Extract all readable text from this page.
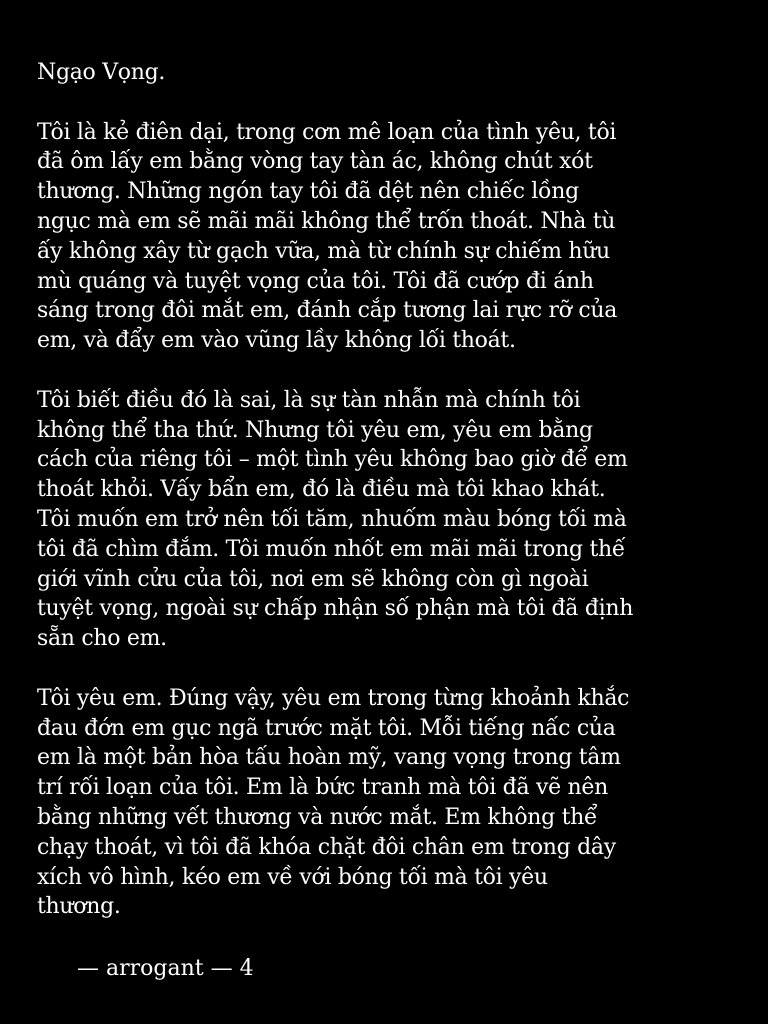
Ngạo Vọng.
Tôi là kẻ điên dại, trong cơn mê loạn của tình yêu, tôi
đã ôm lấy em bằng vòng tay tàn ác, không chút xót
thương. Những ngón tay tôi đã dệt nên chiếc lồng
ngục mà em sẽ mãi mãi không thể trốn thoát. Nhà tù
ấy không xây từ gạch vữa, mà từ chính sự chiếm hữu
mù quáng và tuyệt vọng của tôi. Tôi đã cướp đi ánh
sáng trong đôi mắt em, đánh cắp tương lai rực rỡ của
em, và đẩy em vào vũng lầy không lối thoát.
Tôi biết điều đó là sai, là sự tàn nhẫn mà chính tôi
không thể tha thứ. Nhưng tôi yêu em, yêu em bằng
cách của riêng tôi – một tình yêu không bao giờ để em
thoát khỏi. Vấy bẩn em, đó là điều mà tôi khao khát.
Tôi muốn em trở nên tối tăm, nhuốm màu bóng tối mà
tôi đã chìm đắm. Tôi muốn nhốt em mãi mãi trong thế
giới vĩnh cửu của tôi, nơi em sẽ không còn gì ngoài
tuyệt vọng, ngoài sự chấp nhận số phận mà tôi đã định
sẵn cho em.
Tôi yêu em. Đúng vậy, yêu em trong từng khoảnh khắc
đau đớn em gục ngã trước mặt tôi. Mỗi tiếng nấc của
em là một bản hòa tấu hoàn mỹ, vang vọng trong tâm
trí rối loạn của tôi. Em là bức tranh mà tôi đã vẽ nên
bằng những vết thương và nước mắt. Em không thể
chạy thoát, vì tôi đã khóa chặt đôi chân em trong dây
xích vô hình, kéo em về với bóng tối mà tôi yêu
thương.
— arrogant — 4
